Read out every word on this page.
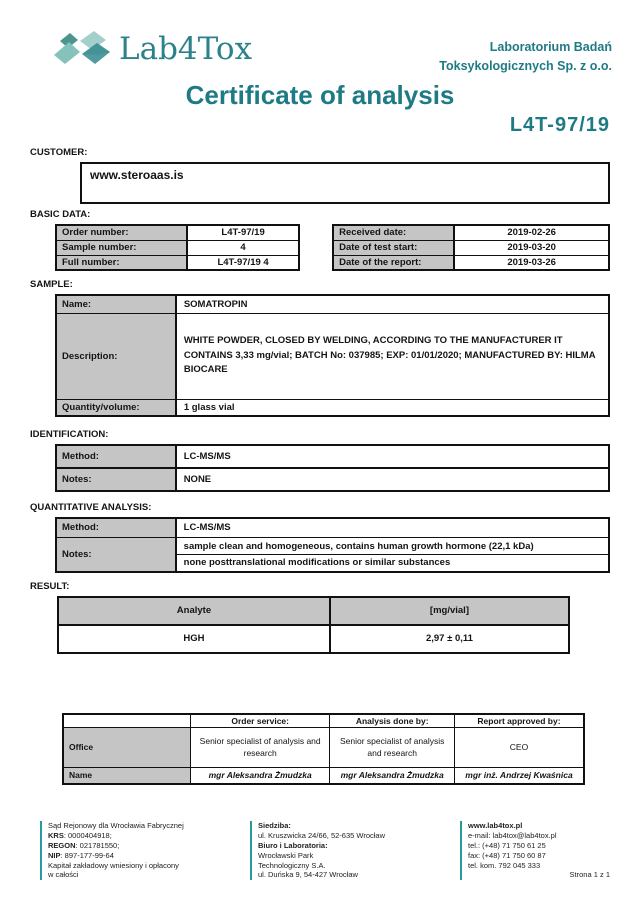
Lab4Tox	Laboratorium Badań
Toksykologicznych Sp. z o.o.
Certificate of analysis
L4T-97/19
CUSTOMER:
www.steroaas.is
BASIC DATA:
Order number:	L4T-97/19
Sample number:	4
Full number:	L4T-97/19 4
Received date:	2019-02-26
Date of test start:	2019-03-20
Date of the report:	2019-03-26
SAMPLE:
Name:	SOMATROPIN
Description:	WHITE POWDER, CLOSED BY WELDING, ACCORDING TO THE MANUFACTURER IT CONTAINS 3,33 mg/vial; BATCH No: 037985; EXP: 01/01/2020; MANUFACTURED BY: HILMA BIOCARE
Quantity/volume:	1 glass vial
IDENTIFICATION:
Method:	LC-MS/MS
Notes:	NONE
QUANTITATIVE ANALYSIS:
Method:	LC-MS/MS
Notes:	sample clean and homogeneous, contains human growth hormone (22,1 kDa)
	none posttranslational modifications or similar substances
RESULT:
Analyte	[mg/vial]
HGH	2,97 ± 0,11
	Order service:	Analysis done by:	Report approved by:
Office	Senior specialist of analysis and research	Senior specialist of analysis and research	CEO
Name	mgr Aleksandra Żmudzka	mgr Aleksandra Żmudzka	mgr inż. Andrzej Kwaśnica
Sąd Rejonowy dla Wrocławia Fabrycznej
KRS: 0000404918;
REGON: 021781550;
NIP: 897-177-99-64
Kapitał zakładowy wniesiony i opłacony
w całości
Siedziba:
ul. Kruszwicka 24/66, 52-635 Wrocław
Biuro i Laboratoria:
Wrocławski Park
Technologiczny S.A.
ul. Duńska 9, 54-427 Wrocław
www.lab4tox.pl
e-mail: lab4tox@lab4tox.pl
tel.: (+48) 71 750 61 25
fax: (+48) 71 750 60 87
tel. kom. 792 045 333
Strona 1 z 1
